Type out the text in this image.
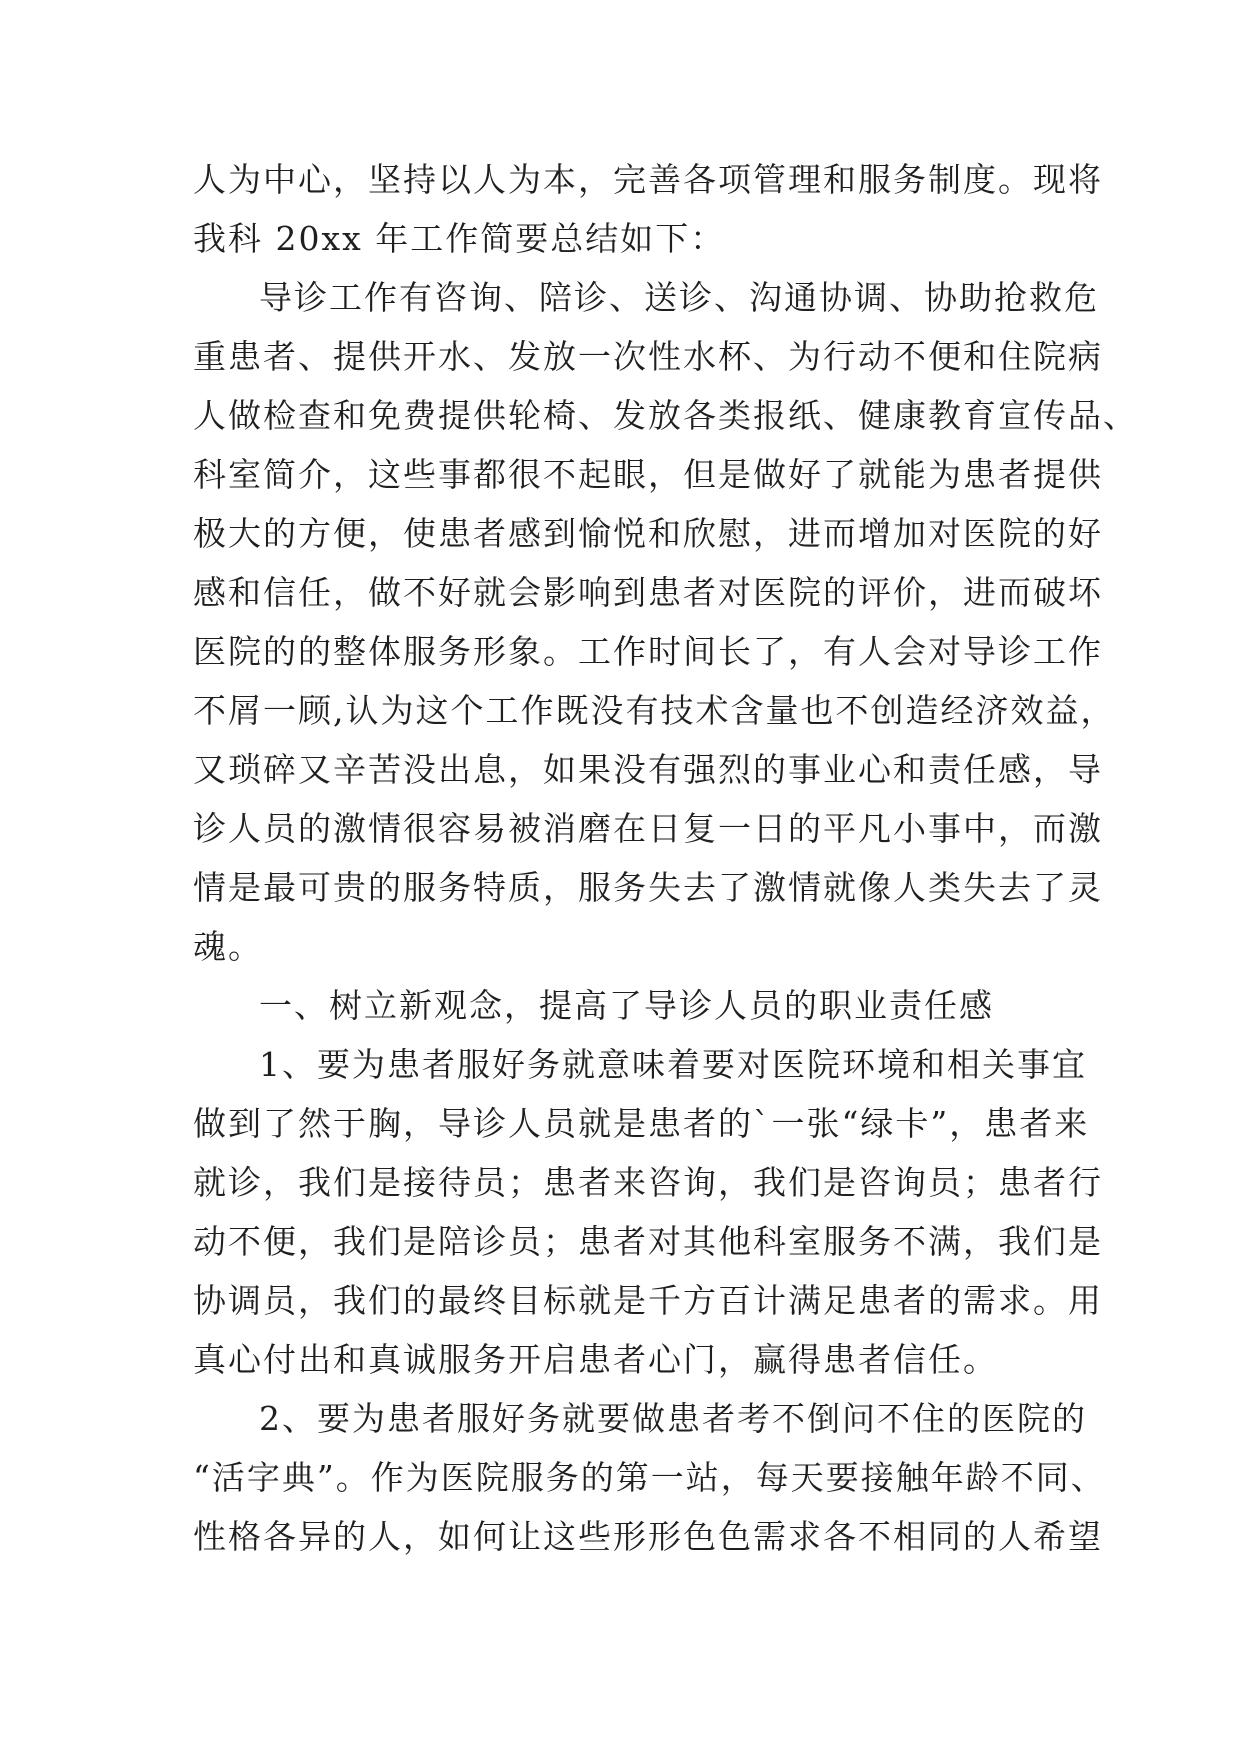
人为中心，坚持以人为本，完善各项管理和服务制度。现将
我科 20xx 年工作简要总结如下：
导诊工作有咨询、陪诊、送诊、沟通协调、协助抢救危
重患者、提供开水、发放一次性水杯、为行动不便和住院病
人做检查和免费提供轮椅、发放各类报纸、健康教育宣传品、
科室简介，这些事都很不起眼，但是做好了就能为患者提供
极大的方便，使患者感到愉悦和欣慰，进而增加对医院的好
感和信任，做不好就会影响到患者对医院的评价，进而破坏
医院的的整体服务形象。工作时间长了，有人会对导诊工作
不屑一顾,认为这个工作既没有技术含量也不创造经济效益，
又琐碎又辛苦没出息，如果没有强烈的事业心和责任感，导
诊人员的激情很容易被消磨在日复一日的平凡小事中，而激
情是最可贵的服务特质，服务失去了激情就像人类失去了灵
魂。
一、树立新观念，提高了导诊人员的职业责任感
1、要为患者服好务就意味着要对医院环境和相关事宜
做到了然于胸，导诊人员就是患者的`一张“绿卡”，患者来
就诊，我们是接待员；患者来咨询，我们是咨询员；患者行
动不便，我们是陪诊员；患者对其他科室服务不满，我们是
协调员，我们的最终目标就是千方百计满足患者的需求。用
真心付出和真诚服务开启患者心门，赢得患者信任。
2、要为患者服好务就要做患者考不倒问不住的医院的
“活字典”。作为医院服务的第一站，每天要接触年龄不同、
性格各异的人，如何让这些形形色色需求各不相同的人希望
